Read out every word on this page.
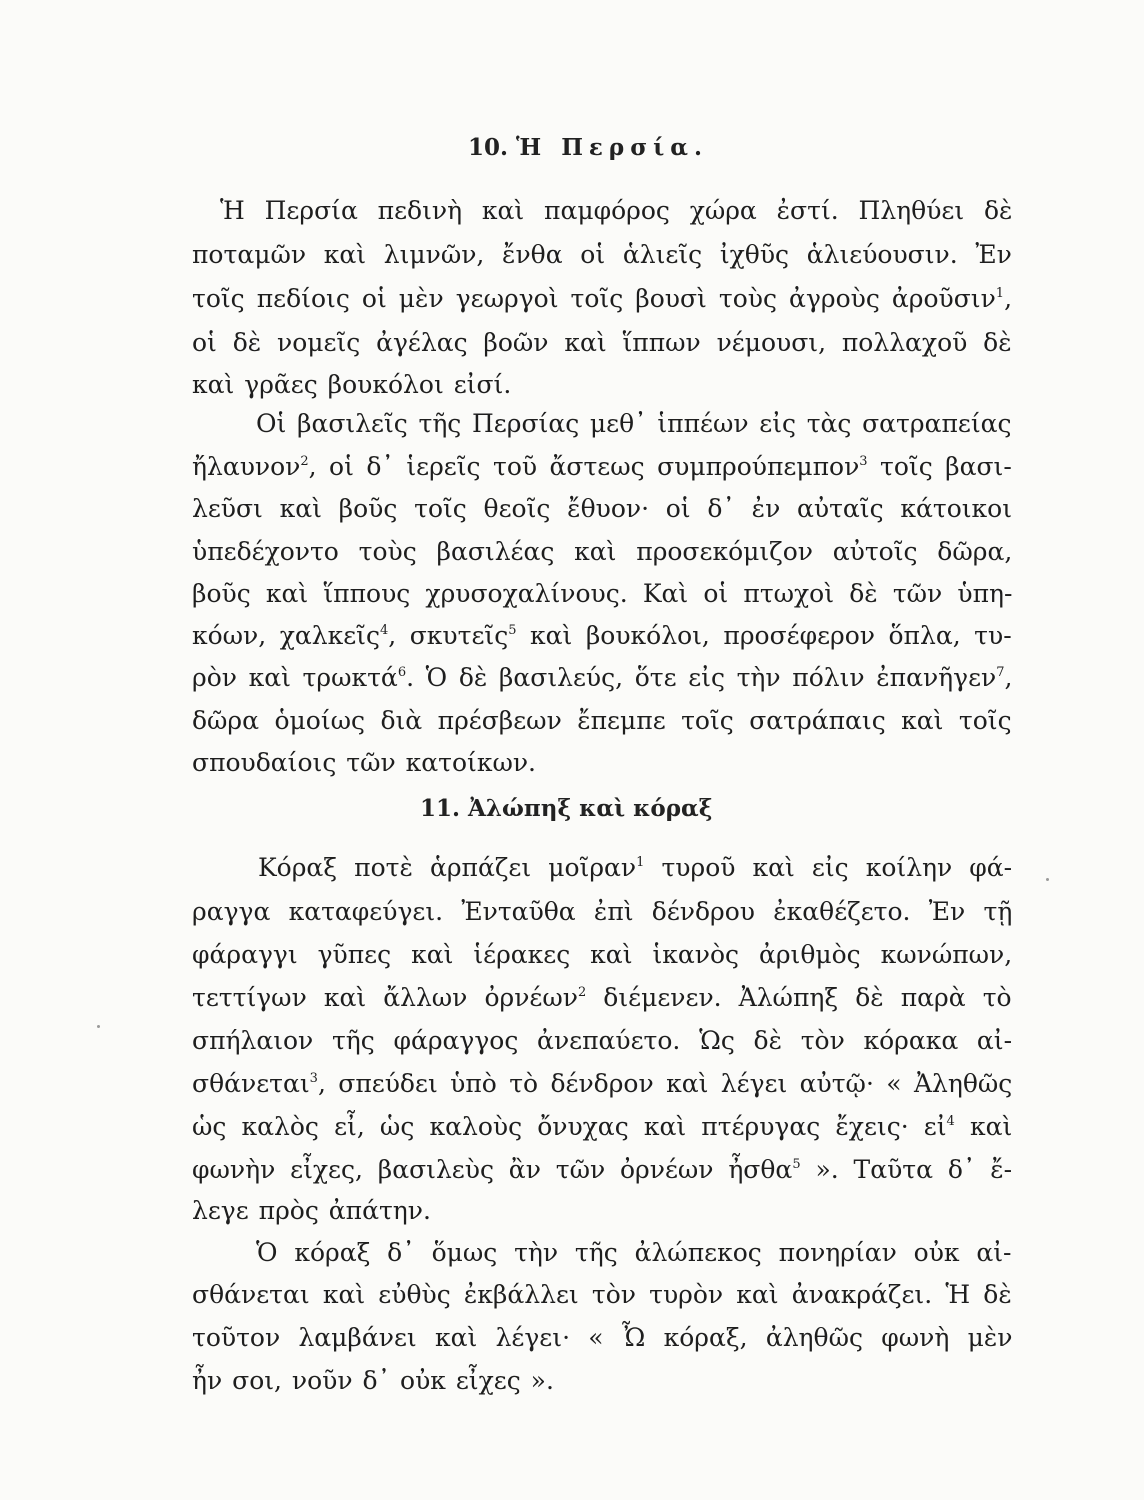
10. Ἡ Περσία.
Ἡ Περσία πεδινὴ καὶ παμφόρος χώρα ἐστί. Πληθύει δὲ
ποταμῶν καὶ λιμνῶν, ἔνθα οἱ ἁλιεῖς ἰχθῦς ἁλιεύουσιν. Ἐν
τοῖς πεδίοις οἱ μὲν γεωργοὶ τοῖς βουσὶ τοὺς ἀγροὺς ἀροῦσιν$^1$,
οἱ δὲ νομεῖς ἀγέλας βοῶν καὶ ἵππων νέμουσι, πολλαχοῦ δὲ
καὶ γρᾶες βουκόλοι εἰσί.
Οἱ βασιλεῖς τῆς Περσίας μεθ᾽ ἱππέων εἰς τὰς σατραπείας
ἤλαυνον$^2$, οἱ δ᾽ ἱερεῖς τοῦ ἄστεως συμπρούπεμπον$^3$ τοῖς βασι-
λεῦσι καὶ βοῦς τοῖς θεοῖς ἔθυον· οἱ δ᾽ ἐν αὐταῖς κάτοικοι
ὑπεδέχοντο τοὺς βασιλέας καὶ προσεκόμιζον αὐτοῖς δῶρα,
βοῦς καὶ ἵππους χρυσοχαλίνους. Καὶ οἱ πτωχοὶ δὲ τῶν ὑπη-
κόων, χαλκεῖς$^4$, σκυτεῖς$^5$ καὶ βουκόλοι, προσέφερον ὅπλα, τυ-
ρὸν καὶ τρωκτά$^6$. Ὁ δὲ βασιλεύς, ὅτε εἰς τὴν πόλιν ἐπανῆγεν$^7$,
δῶρα ὁμοίως διὰ πρέσβεων ἔπεμπε τοῖς σατράπαις καὶ τοῖς
σπουδαίοις τῶν κατοίκων.
11. Ἀλώπηξ καὶ κόραξ
Κόραξ ποτὲ ἁρπάζει μοῖραν$^1$ τυροῦ καὶ εἰς κοίλην φά-
ραγγα καταφεύγει. Ἐνταῦθα ἐπὶ δένδρου ἐκαθέζετο. Ἐν τῇ
φάραγγι γῦπες καὶ ἱέρακες καὶ ἱκανὸς ἀριθμὸς κωνώπων,
τεττίγων καὶ ἄλλων ὀρνέων$^2$ διέμενεν. Ἀλώπηξ δὲ παρὰ τὸ
σπήλαιον τῆς φάραγγος ἀνεπαύετο. Ὡς δὲ τὸν κόρακα αἰ-
σθάνεται$^3$, σπεύδει ὑπὸ τὸ δένδρον καὶ λέγει αὐτῷ· « Ἀληθῶς
ὡς καλὸς εἶ, ὡς καλοὺς ὄνυχας καὶ πτέρυγας ἔχεις· εἰ$^4$ καὶ
φωνὴν εἶχες, βασιλεὺς ἂν τῶν ὀρνέων ἦσθα$^5$ ». Ταῦτα δ᾽ ἔ-
λεγε πρὸς ἀπάτην.
Ὁ κόραξ δ᾽ ὅμως τὴν τῆς ἀλώπεκος πονηρίαν οὐκ αἰ-
σθάνεται καὶ εὐθὺς ἐκβάλλει τὸν τυρὸν καὶ ἀνακράζει. Ἡ δὲ
τοῦτον λαμβάνει καὶ λέγει· « Ὦ κόραξ, ἀληθῶς φωνὴ μὲν
ἦν σοι, νοῦν δ᾽ οὐκ εἶχες ».
